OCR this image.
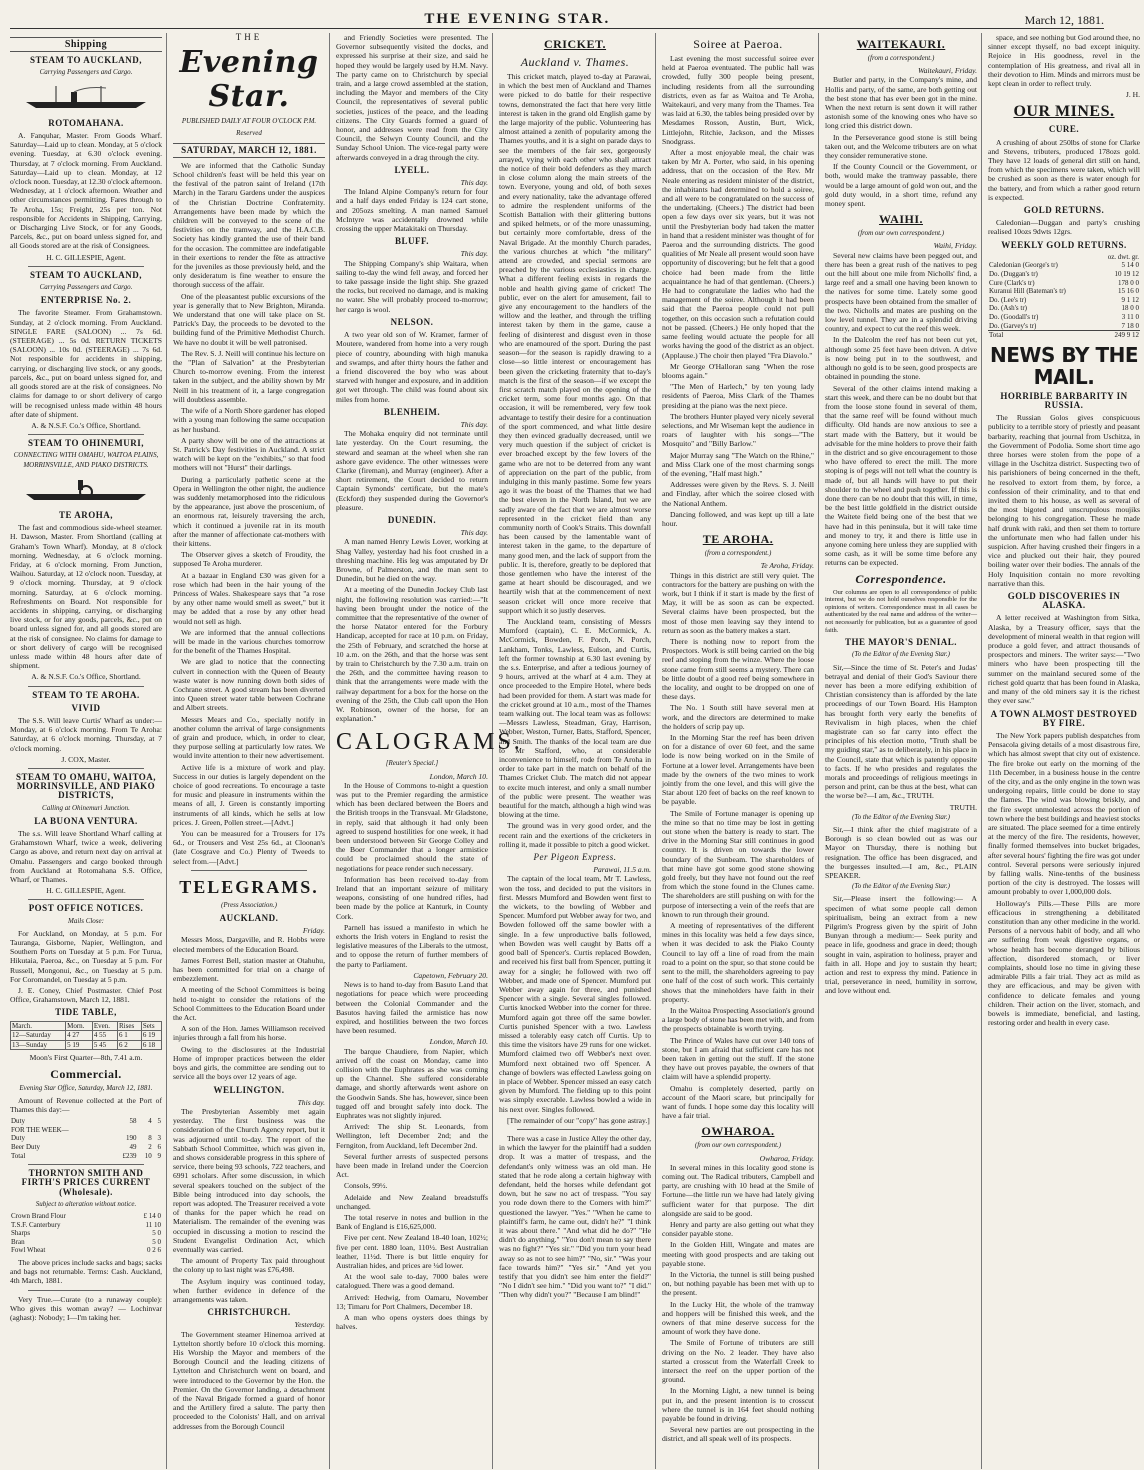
THE EVENING STAR.	March 12, 1881.
Shipping
STEAM TO AUCKLAND,
Carrying Passengers and Cargo.
ROTOMAHANA.

A. Fanquhar, Master. From Goods Wharf. Saturday—Laid up to clean. Monday, at 5 o'clock evening. Tuesday, at 6.30 o'clock evening. Thursday, at 7 o'clock morning. From Auckland. Saturday—Laid up to clean. Monday, at 12 o'clock noon. Tuesday, at 12.30 o'clock afternoon. Wednesday, at 1 o'clock afternoon. Weather and other circumstances permitting. Fares through to Te Aroha, 15s; Freight, 25s per ton. Not responsible for Accidents in Shipping, Carrying, or Discharging Live Stock, or for any Goods, Parcels, &c., put on board unless signed for, and all Goods stored are at the risk of Consignees.

H. C. GILLESPIE, Agent.
STEAM TO AUCKLAND,
Carrying Passengers and Cargo.
ENTERPRISE No. 2.

The favorite Steamer. From Grahamstown. Sunday, at 2 o'clock morning. From Auckland. SINGLE FARE (SALOON) ... 7s 6d. (STEERAGE) ... 5s 0d. RETURN TICKETS (SALOON) ... 10s 0d. (STEERAGE) ... 7s 6d. Not responsible for accidents in shipping, carrying, or discharging live stock, or any goods, parcels, &c., put on board unless signed for, and all goods stored are at the risk of consignees. No claims for damage to or short delivery of cargo will be recognised unless made within 48 hours after date of shipment.

A. & N.S.F. Co.'s Office, Shortland.
STEAM TO OHINEMURI,
CONNECTING WITH OMAHU, WAITOA PLAINS, MORRINSVILLE, AND PIAKO DISTRICTS.
TE AROHA,

The fast and commodious side-wheel steamer. H. Dawson, Master. From Shortland (calling at Graham's Town Wharf). Monday, at 8 o'clock morning. Wednesday, at 6 o'clock morning. Friday, at 6 o'clock morning. From Junction, Waihou. Saturday, at 12 o'clock noon. Tuesday, at 9 o'clock morning. Thursday, at 9 o'clock morning. Saturday, at 6 o'clock morning. Refreshments on Board. Not responsible for accidents in shipping, carrying, or discharging live stock, or for any goods, parcels, &c., put on board unless signed for, and all goods stored are at the risk of consignee. No claims for damage to or short delivery of cargo will be recognised unless made within 48 hours after date of shipment.

A. & N.S.F. Co.'s Office, Shortland.
STEAM TO TE AROHA.
VIVID

The S.S. Will leave Curtis' Wharf as under:— Monday, at 6 o'clock morning. From Te Aroha: Saturday, at 6 o'clock morning. Thursday, at 7 o'clock morning.

J. COX, Master.
STEAM TO OMAHU, WAITOA, MORRINSVILLE, AND PIAKO DISTRICTS,
Calling at Ohinemuri Junction.
LA BUONA VENTURA.

The s.s. Will leave Shortland Wharf calling at Grahamstown Wharf, twice a week, delivering Cargo as above, and return next day on arrival at Omahu. Passengers and cargo booked through from Auckland at Rotomahana S.S. Office, Wharf, or Thames.

H. C. GILLESPIE, Agent.
POST OFFICE NOTICES.
Mails Close:

For Auckland, on Monday, at 5 p.m. For Tauranga, Gisborne, Napier, Wellington, and Southern Ports on Tuesday at 5 p.m. For Turua, Hikutaia, Paeroa, &c., on Tuesday at 5 p.m. For Russell, Mongonui, &c., on Tuesday at 5 p.m. For Coromandel, on Tuesday at 5 p.m.

J. E. Coney, Chief Postmaster. Chief Post Office, Grahamstown, March 12, 1881.

TIDE TABLE,
March.	Morn.	Even.	Rises	Sets
12—Saturday	4 27	4 55	6 1	6 19
13—Sunday	5 19	5 45	6 2	6 18
Moon's First Quarter—8th, 7.41 a.m.
Commercial.
Evening Star Office, Saturday, March 12, 1881.

Amount of Revenue collected at the Port of Thames this day:—

Duty	58	4	5
FOR THE WEEK—			
Duty	190	8	3
Beer Duty	49	2	6
Total	£239	10	9
THORNTON SMITH AND FIRTH'S PRICES CURRENT (Wholesale).
Subject to alteration without notice.
Crown Brand Flour	£ 14 0
T.S.F. Canterbury	11 10
Sharps	5 0
Bran	5 0
Fowl Wheat	0 2 6

The above prices include sacks and bags; sacks and bags not returnable. Terms: Cash. Auckland, 4th March, 1881.

Very True.—Curate (to a runaway couple): Who gives this woman away? — Lochinvar (aghast): Nobody; I—I'm taking her.

THE
Evening Star.
PUBLISHED DAILY AT FOUR O'CLOCK P.M.
Reserved
SATURDAY, MARCH 12, 1881.

We are informed that the Catholic Sunday School children's feast will be held this year on the festival of the patron saint of Ireland (17th March) in the Tararu Gardens under the auspices of the Christian Doctrine Confraternity. Arrangements have been made by which the children will be conveyed to the scene of the festivities on the tramway, and the H.A.C.B. Society has kindly granted the use of their band for the occasion. The committee are indefatigable in their exertions to render the fête as attractive for the juveniles as those previously held, and the only desideratum is fine weather to ensure the thorough success of the affair.

One of the pleasantest public excursions of the year is generally that to New Brighton, Miranda. We understand that one will take place on St. Patrick's Day, the proceeds to be devoted to the building fund of the Primitive Methodist Church. We have no doubt it will be well patronised.

The Rev. S. J. Neill will continue his lecture on the "Plan of Salvation" at the Presbyterian Church to-morrow evening. From the interest taken in the subject, and the ability shown by Mr Neill in his treatment of it, a large congregation will doubtless assemble.

The wife of a North Shore gardener has eloped with a young man following the same occupation as her husband.

A party show will be one of the attractions at St. Patrick's Day festivities in Auckland. A strict watch will be kept on the "exhibits," so that food mothers will not "Hurst" their darlings.

During a particularly pathetic scene at the Opera in Wellington the other night, the audience was suddenly metamorphosed into the ridiculous by the appearance, just above the proscenium, of an enormous rat, leisurely traversing the arch, which it continued a juvenile rat in its mouth after the manner of affectionate cat-mothers with their kittens.

The Observer gives a sketch of Froudity, the supposed Te Aroha murderer.

At a bazaar in England £30 was given for a rose which had been in the hair young of the Princess of Wales. Shakespeare says that "a rose by any other name would smell as sweet," but it may be added that a rose by any other head would not sell as high.

We are informed that the annual collections will be made in the various churches tomorrow for the benefit of the Thames Hospital.

We are glad to notice that the connecting culvert in connection with the Queen of Beauty waste water is now running down both sides of Cochrane street. A good stream has been diverted into Queen street water table between Cochrane and Albert streets.

Messrs Mears and Co., specially notify in another column the arrival of large consignments of grain and produce, which, in order to clear, they purpose selling at particularly low rates. We would invite attention to their new advertisement.

Active life is a mixture of work and play. Success in our duties is largely dependent on the choice of good recreations. To encourage a taste for music and pleasure in instruments within the means of all, J. Green is constantly importing instruments of all kinds, which he sells at low prices. J. Green, Pollen street.—[Advt.]

You can be measured for a Trousers for 17s 6d., or Trousers and Vest 25s 6d., at Cloonan's (late Cosgrave and Co.) Plenty of Tweeds to select from.—[Advt.]

TELEGRAMS.
(Press Association.)
AUCKLAND.
Friday.

Messrs Moss, Dargaville, and R. Hobbs were elected members of the Education Board.

James Forrest Bell, station master at Otahuhu, has been committed for trial on a charge of embezzlement.

A meeting of the School Committees is being held to-night to consider the relations of the School Committees to the Education Board under the Act.

A son of the Hon. James Williamson received injuries through a fall from his horse.

Owing to the disclosures at the Industrial Home of improper practices between the elder boys and girls, the committee are sending out to service all the boys over 12 years of age.

WELLINGTON.
This day.

The Presbyterian Assembly met again yesterday. The first business was the consideration of the Church Agency report, but it was adjourned until to-day. The report of the Sabbath School Committee, which was given in, and shows considerable progress in this sphere of service, there being 93 schools, 722 teachers, and 6991 scholars. After some discussion, in which several speakers touched on the subject of the Bible being introduced into day schools, the report was adopted. The Treasurer received a vote of thanks for the paper which he read on Materialism. The remainder of the evening was occupied in discussing a motion to rescind the Student Evangelist Ordination Act, which eventually was carried.

The amount of Property Tax paid throughout the colony up to last night was £76,498.

The Asylum inquiry was continued today, when further evidence in defence of the arrangements was taken.

CHRISTCHURCH.
Yesterday.

The Government steamer Hinemoa arrived at Lyttelton shortly before 10 o'clock this morning. His Worship the Mayor and members of the Borough Council and the leading citizens of Lyttelton and Christchurch went on board, and were introduced to the Governor by the Hon. the Premier. On the Governor landing, a detachment of the Naval Brigade formed a guard of honor and the Artillery fired a salute. The party then proceeded to the Colonists' Hall, and on arrival addresses from the Borough Council

and Friendly Societies were presented. The Governor subsequently visited the docks, and expressed his surprise at their size, and said he hoped they would be largely used by H.M. Navy. The party came on to Christchurch by special train, and a large crowd assembled at the station, including the Mayor and members of the City Council, the representatives of several public societies, justices of the peace, and the leading citizens. The City Guards formed a guard of honor, and addresses were read from the City Council, the Selwyn County Council, and the Sunday School Union. The vice-regal party were afterwards conveyed in a drag through the city.

LYELL.
This day.

The Inland Alpine Company's return for four and a half days ended Friday is 124 cart stone, and 205ozs smelting. A man named Samuel McIntyre was accidentally drowned while crossing the upper Matakitaki on Thursday.

BLUFF.
This day.

The Shipping Company's ship Waitara, when sailing to-day the wind fell away, and forced her to take passage inside the light ship. She grazed the rocks, but received no damage, and is making no water. She will probably proceed to-morrow; her cargo is wool.

NELSON.

A two year old son of W. Kramer, farmer of Moutere, wandered from home into a very rough piece of country, abounding with high manuka and swamps, and after thirty hours the father and a friend discovered the boy who was about starved with hunger and exposure, and in addition got wet through. The child was found about six miles from home.

BLENHEIM.
This day.

The Mohaka enquiry did not terminate until late yesterday. On the Court resuming, the steward and seaman at the wheel when she ran ashore gave evidence. The other witnesses were Clarke (fireman), and Murray (engineer). After a short retirement, the Court decided to return Captain Symonds' certificate, but the mate's (Eckford) they suspended during the Governor's pleasure.

DUNEDIN.
This day.

A man named Henry Lewis Lover, working at Shag Valley, yesterday had his foot crushed in a threshing machine. His leg was amputated by Dr Browne, of Palmerston, and the man sent to Dunedin, but he died on the way.

At a meeting of the Dunedin Jockey Club last night, the following resolution was carried:—"It having been brought under the notice of the committee that the representative of the owner of the horse Natator entered for the Forbury Handicap, accepted for race at 10 p.m. on Friday, the 25th of February, and scratched the horse at 10 a.m. on the 26th, and that the horse was sent by train to Christchurch by the 7.30 a.m. train on the 26th, and the committee having reason to think that the arrangements were made with the railway department for a box for the horse on the evening of the 25th, the Club call upon the Hon W. Robinson, owner of the horse, for an explanation."

CALOGRAMS.
[Reuter's Special.]
London, March 10.

In the House of Commons to-night a question was put to the Premier regarding the armistice which has been declared between the Boers and the British troops in the Transvaal. Mr Gladstone, in reply, said that although it had only been agreed to suspend hostilities for one week, it had been understood between Sir George Colley and the Boer Commander that a longer armistice could be proclaimed should the state of negotiations for peace render such necessary.

Information has been received to-day from Ireland that an important seizure of military weapons, consisting of one hundred rifles, had been made by the police at Kanturk, in County Cork.

Parnell has issued a manifesto in which he exhorts the Irish voters in England to resist the legislative measures of the Liberals to the utmost, and to oppose the return of further members of the party to Parliament.

Capetown, February 20.

News is to hand to-day from Basuto Land that negotiations for peace which were proceeding between the Colonial Commander and the Basutos having failed the armistice has now expired, and hostilities between the two forces have been resumed.

London, March 10.

The barque Chaudiere, from Napier, which arrived off the coast on Monday, came into collision with the Euphrates as she was coming up the Channel. She suffered considerable damage, and shortly afterwards went ashore on the Goodwin Sands. She has, however, since been tugged off and brought safely into dock. The Euphrates was not slightly injured.

Arrived: The ship St. Leonards, from Wellington, left December 2nd; and the Ferngiton, from Auckland, left December 2nd.

Several further arrests of suspected persons have been made in Ireland under the Coercion Act.

Consols, 99½.

Adelaide and New Zealand breadstuffs unchanged.

The total reserve in notes and bullion in the Bank of England is £16,625,000.

Five per cent. New Zealand 18-40 loan, 102½; five per cent. 1880 loan, 110½. Best Australian leather, 11½d. There is but little enquiry for Australian hides, and prices are ¼d lower.

At the wool sale to-day, 7000 bales were catalogued. There was a good demand.

Arrived: Hedwig, from Oamaru, November 13; Timaru for Port Chalmers, December 18.

A man who opens oysters does things by halves.

CRICKET.
Auckland v. Thames.

This cricket match, played to-day at Parawai, in which the best men of Auckland and Thames were picked to do battle for their respective towns, demonstrated the fact that here very little interest is taken in the grand old English game by the large majority of the public. Volunteering has almost attained a zenith of popularity among the Thames youths, and it is a sight on parade days to see the members of the fair sex, gorgeously arrayed, vying with each other who shall attract the notice of their bold defenders as they march in close column along the main streets of the town. Everyone, young and old, of both sexes and every nationality, take the advantage offered to admire the resplendent uniforms of the Scottish Battalion with their glittering buttons and spiked helmets, or of the more unassuming, but certainly more comfortable, dress of the Naval Brigade. At the monthly Church parades, the various churches at which "the military" attend are crowded, and special sermons are preached by the various ecclesiastics in charge. What a different feeling exists in regards the noble and health giving game of cricket! The public, ever on the alert for amusement, fail to give any encouragement to the handlers of the willow and the leather, and through the trifling interest taken by them in the game, cause a feeling of disinterest and disgust even in those who are enamoured of the sport. During the past season—for the season is rapidly drawing to a close—so little interest or encouragement has been given the cricketing fraternity that to-day's match is the first of the season—if we except the first scratch match played on the opening of the cricket term, some four months ago. On that occasion, it will be remembered, very few took advantage to testify their desire for a continuation of the sport commenced, and what little desire they then evinced gradually decreased, until we very much question if the subject of cricket is ever broached except by the few lovers of the game who are not to be deterred from any want of appreciation on the part of the public, from indulging in this manly pastime. Some few years ago it was the boast of the Thames that we had the best eleven in the North Island, but we are sadly aware of the fact that we are almost worse represented in the cricket field than any community north of Cook's Straits. This downfall has been caused by the lamentable want of interest taken in the game, to the departure of many good men, and the lack of support from the public. It is, therefore, greatly to be deplored that those gentlemen who have the interest of the game at heart should be discouraged, and we heartily wish that at the commencement of next season cricket will once more receive that support which it so justly deserves.

The Auckland team, consisting of Messrs Mumford (captain), C. E. McCormick, A. McCormick, Bowden, F. Porch, N. Porch, Lankham, Tonks, Lawless, Eulson, and Curtis, left the former township at 6.30 last evening by the s.s. Enterprise, and after a tedious journey of 9 hours, arrived at the wharf at 4 a.m. They at once proceeded to the Empire Hotel, where beds had been provided for them. A start was made for the cricket ground at 10 a.m., most of the Thames team walking out. The local team was as follows:—Messrs Lawless, Steadman, Gray, Harrison, Webber, Weston, Turner, Batts, Stafford, Spencer, and Smith. The thanks of the local team are due to Mr Stafford, who, at considerable inconvenience to himself, rode from Te Aroha in order to take part in the match on behalf of the Thames Cricket Club. The match did not appear to excite much interest, and only a small number of the public were present. The weather was beautiful for the match, although a high wind was blowing at the time.

The ground was in very good order, and the recent rain and the exertions of the cricketers in rolling it, made it possible to pitch a good wicket.

Per Pigeon Express.
Parawai, 11.5 a.m.

The captain of the local team, Mr T. Lawless, won the toss, and decided to put the visitors in first. Messrs Mumford and Bowden went first to the wickets, to the bowling of Webber and Spencer. Mumford put Webber away for two, and Bowden followed off the same bowler with a single. In a few unproductive balls followed, when Bowden was well caught by Batts off a good ball of Spencer's. Curtis replaced Bowden, and received his first ball from Spencer, putting it away for a single; he followed with two off Webber, and made one of Spencer. Mumford put Webber away again for three, and punished Spencer with a single. Several singles followed. Curtis knocked Webber into the corner for three. Mumford again got three off the same bowler. Curtis punished Spencer with a two. Lawless missed a tolerably easy catch off Curtis. Up to this time the visitors have 29 runs for one wicket. Mumford claimed two off Webber's next over. Mumford next obtained two off Spencer. A change of bowlers was effected Lawless going on in place of Webber. Spencer missed an easy catch given by Mumford. The fielding up to this point was simply execrable. Lawless bowled a wide in his next over. Singles followed.

[The remainder of our "copy" has gone astray.]

There was a case in Justice Alley the other day, in which the lawyer for the plaintiff had a sudden drop. It was a matter of trespass, and the defendant's only witness was an old man. He stated that he rode along a certain highway with defendant, held the horses while defendant got down, but he saw no act of trespass. "You say you rode down there to the Comers with him?" questioned the lawyer. "Yes." "When he came to plaintiff's farm, he came out, didn't he?" "I think it was about there." "And what did he do?" "He didn't do anything." "You don't mean to say there was no fight?" "Yes sir." "Did you turn your head away so as not to see him?" "No, sir." "Was your face towards him?" "Yes sir." "And yet you testify that you didn't see him enter the field?" "No I didn't see him." "Did you want to?" "I did." "Then why didn't you?" "Because I am blind!"

Soiree at Paeroa.

Last evening the most successful soiree ever held at Paeroa eventuated. The public hall was crowded, fully 300 people being present, including residents from all the surrounding districts, even as far as Waitoa and Te Aroha, Waitekauri, and very many from the Thames. Tea was laid at 6.30, the tables being presided over by Mesdames Rosson, Austin, Burt, Wick, Littlejohn, Ritchie, Jackson, and the Misses Snodgrass.

After a most enjoyable meal, the chair was taken by Mr A. Porter, who said, in his opening address, that on the occasion of the Rev. Mr Neale entering as resident minister of the district, the inhabitants had determined to hold a soiree, and all were to be congratulated on the success of the undertaking. (Cheers.) The district had been open a few days over six years, but it was not until the Presbyterian body had taken the matter in hand that a resident minister was thought of for Paeroa and the surrounding districts. The good qualities of Mr Neale all present would soon have opportunity of discovering; but he felt that a good choice had been made from the little acquaintance he had of that gentleman. (Cheers.) He had to congratulate the ladies who had the management of the soiree. Although it had been said that the Paeroa people could not pull together, on this occasion such a refutation could not be passed. (Cheers.) He only hoped that the same feeling would actuate the people for all works having the good of the district as an object. (Applause.) The choir then played "Fra Diavolo."

Mr George O'Halloran sang "When the rose blooms again."

"The Men of Harlech," by ten young lady residents of Paeroa, Miss Clark of the Thames presiding at the piano was the next piece.

The brothers Hunter played very nicely several selections, and Mr Wiseman kept the audience in roars of laughter with his songs—"The Mosquito" and "Billy Barlow."

Major Murray sang "The Watch on the Rhine," and Miss Clark one of the most charming songs of the evening, "Half mast high."

Addresses were given by the Revs. S. J. Neill and Findlay, after which the soiree closed with the National Anthem.

Dancing followed, and was kept up till a late hour.

TE AROHA.
(from a correspondent.)
Te Aroha, Friday.

Things in this district are still very quiet. The contractors for the battery are pushing on with the work, but I think if it start is made by the first of May, it will be as soon as can be expected. Several claims have been prospected, but the most of those men leaving say they intend to return as soon as the battery makes a start.

There is nothing now to report from the Prospectors. Work is still being carried on the big reef and stoping from the winze. Where the loose stone came from still seems a mystery. There can be little doubt of a good reef being somewhere in the locality, and ought to be dropped on one of these days.

The No. 1 South still have several men at work, and the directors are determined to make the holders of scrip pay up.

In the Morning Star the reef has been driven on for a distance of over 60 feet, and the same lode is now being worked on in the Smile of Fortune at a lower level. Arrangements have been made by the owners of the two mines to work jointly from the one level, and this will give the Star about 120 feet of backs on the reef known to be payable.

The Smile of Fortune manager is opening up the mine so that no time may be lost in getting out stone when the battery is ready to start. The drive in the Morning Star still continues in good country. It is driven on towards the lower boundary of the Sunbeam. The shareholders of that mine have got some good stone showing gold freely, but they have not found out the reef from which the stone found in the Clunes came. The shareholders are still pushing on with for the purpose of intersecting a vein of the reefs that are known to run through their ground.

A meeting of representatives of the different mines in this locality was held a few days since, when it was decided to ask the Piako County Council to lay off a line of road from the main road to a point on the spur, so that stone could be sent to the mill, the shareholders agreeing to pay one half of the cost of such work. This certainly shows that the mineholders have faith in their property.

In the Waitoa Prospecting Association's ground a large body of stone has been met with, and from the prospects obtainable is worth trying.

The Prince of Wales have cut over 140 tons of stone, but I am afraid that sufficient care has not been taken in getting out the stuff. If the stone they have out proves payable, the owners of that claim will have a splendid property.

Omahu is completely deserted, partly on account of the Maori scare, but principally for want of funds. I hope some day this locality will have a fair trial.

OWHAROA.
(from our own correspondent.)
Owharoa, Friday.

In several mines in this locality good stone is coming out. The Radical tributers, Campbell and party, are crushing with 10 head at the Smile of Fortune—the little run we have had lately giving sufficient water for that purpose. The dirt alongside are said to be good.

Henry and party are also getting out what they consider payable stone.

In the Golden Hill, Wingate and mates are meeting with good prospects and are taking out payable stone.

In the Victoria, the tunnel is still being pushed on, but nothing payable has been met with up to the present.

In the Lucky Hit, the whole of the tramway and hoppers will be finished this week, and the owners of that mine deserve success for the amount of work they have done.

The Smile of Fortune of tributers are still driving on the No. 2 leader. They have also started a crosscut from the Waterfall Creek to intersect the reef on the upper portion of the ground.

In the Morning Light, a new tunnel is being put in, and the present intention is to crosscut where the tunnel is in 164 feet should nothing payable be found in driving.

Several new parties are out prospecting in the district, and all speak well of its prospects.

WAITEKAURI.
(from a correspondent.)
Waitekauri, Friday.

Butler and party, in the Company's mine, and Hollis and party, of the same, are both getting out the best stone that has ever been got in the mine. When the next return is sent down it will rather astonish some of the knowing ones who have so long cried this district down.

In the Perseverance good stone is still being taken out, and the Welcome tributers are on what they consider remunerative stone.

If the County Council or the Government, or both, would make the tramway passable, there would be a large amount of gold won out, and the gold duty would, in a short time, refund any money spent.

WAIHI.
(from our own correspondent.)
Waihi, Friday.

Several new claims have been pegged out, and there has been a great rush of the natives to peg out the hill about one mile from Nicholls' find, a large reef and a small one having been known to the natives for some time. Lately some good prospects have been obtained from the smaller of the two. Nicholls and mates are pushing on the low level tunnel. They are in a splendid driving country, and expect to cut the reef this week.

In the Dalcolm the reef has not been cut yet, although some 25 feet have been driven. A drive is now being put in to the southwest, and although no gold is to be seen, good prospects are obtained in pounding the stone.

Several of the other claims intend making a start this week, and there can be no doubt but that from the loose stone found in several of them, that the same reef will be found without much difficulty. Old hands are now anxious to see a start made with the Battery, but it would be advisable for the mine holders to prove their faith in the district and so give encouragement to those who have offered to erect the mill. The more stoping is of pegs will not tell what the country is made of, but all hands will have to put their shoulder to the wheel and push together. If this is done there can be no doubt that this will, in time, be the best little goldfield in the district outside the Waitete field being one of the best that we have had in this peninsula, but it will take time and money to try, it and there is little use in anyone coming here unless they are supplied with some cash, as it will be some time before any returns can be expected.

Correspondence.

Our columns are open to all correspondence of public interest, but we do not hold ourselves responsible for the opinions of writers. Correspondence must in all cases be authenticated by the real name and address of the writer—not necessarily for publication, but as a guarantee of good faith.

THE MAYOR'S DENIAL.
(To the Editor of the Evening Star.)

Sir,—Since the time of St. Peter's and Judas' betrayal and denial of their God's Saviour there never has been a more edifying exhibition of Christian consistency than is afforded by the late proceedings of our Town Board. His Hampton has brought forth very early the benefits of Revivalism in high places, when the chief magistrate can so far carry into effect the principles of his election motto, "Truth shall be my guiding star," as to deliberately, in his place in the Council, state that which is patently opposite to facts. If he who presides and regulates the morals and proceedings of religious meetings in person and print, can be thus at the best, what can the worse be?—I am, &c., TRUTH.

TRUTH.
(To the Editor of the Evening Star.)

Sir,—I think after the chief magistrate of a Borough is so clean bowled out as was our Mayor on Thursday, there is nothing but resignation. The office has been disgraced, and the burgesses insulted.—I am, &c., PLAIN SPEAKER.

(To the Editor of the Evening Star.)

Sir,—Please insert the following:— A specimen of what some people call demon spiritualism, being an extract from a new Pilgrim's Progress given by the spirit of John Bunyan through a medium:— Seek purity and peace in life, goodness and grace in deed; though sought in vain, aspiration to holiness, prayer and faith in all. Hope and joy to sustain thy heart; action and rest to express thy mind. Patience in trial, perseverance in need, humility in sorrow, and love without end.

space, and see nothing but God around thee, no sinner except thyself, no bad except iniquity. Rejoice in His goodness, revel in the contemplation of His greatness, and rival all in their devotion to Him. Minds and mirrors must be kept clean in order to reflect truly.

J. H.
OUR MINES.
CURE.

A crushing of about 250lbs of stone for Clarke and Stevens, tributers, produced 178ozs gold. They have 12 loads of general dirt still on hand, from which the specimens were taken, which will be crushed as soon as there is water enough for the battery, and from which a rather good return is expected.

GOLD RETURNS.

Caledonian—Duggan and party's crushing realised 10ozs 9dwts 12grs.

WEEKLY GOLD RETURNS.
	oz. dwt. gr.
Caledonian (George's tr)	5 14 0
Do. (Duggan's tr)	10 19 12
Cure (Clark's tr)	178 0 0
Kuranui Hill (Bateman's tr)	15 16 0
Do. (Lee's tr)	9 1 12
Do. (Ash's tr)	18 0 0
Do. (Goodall's tr)	3 11 0
Do. (Garvey's tr)	7 18 0
Total	249 9 12
NEWS BY THE MAIL.
HORRIBLE BARBARITY IN RUSSIA.

The Russian Golos gives conspicuous publicity to a terrible story of priestly and peasant barbarity, reaching that journal from Uschitza, in the Government of Podolia. Some short time ago three horses were stolen from the pope of a village in the Uschitza district. Suspecting two of his parishioners of being concerned in the theft, he resolved to extort from them, by force, a confession of their criminality, and to that end invited them to his house, as well as several of the most bigoted and unscrupulous moujiks belonging to his congregation. These he made half drunk with raki, and then set them to torture the unfortunate men who had fallen under his suspicion. After having crushed their fingers in a vice and plucked out their hair, they poured boiling water over their bodies. The annals of the Holy Inquisition contain no more revolting narrative than this.

GOLD DISCOVERIES IN ALASKA.

A letter received at Washington from Sitka, Alaska, by a Treasury officer, says that the development of mineral wealth in that region will produce a gold fever, and attract thousands of prospectors and miners. The writer says:—"Two miners who have been prospecting till the summer on the mainland secured some of the richest gold quartz that has been found in Alaska, and many of the old miners say it is the richest they ever saw."

A TOWN ALMOST DESTROYED BY FIRE.

The New York papers publish despatches from Pensacola giving details of a most disastrous fire, which has almost swept that city out of existence. The fire broke out early on the morning of the 11th December, in a business house in the centre of the city, and as the only engine in the town was undergoing repairs, little could be done to stay the flames. The wind was blowing briskly, and the fire swept unmolested across the portion of town where the best buildings and heaviest stocks are situated. The place seemed for a time entirely at the mercy of the fire. The residents, however, finally formed themselves into bucket brigades, after several hours' fighting the fire was got under control. Several persons were seriously injured by falling walls. Nine-tenths of the business portion of the city is destroyed. The losses will amount probably to over 1,000,000 dols.

Holloway's Pills.—These Pills are more efficacious in strengthening a debilitated constitution than any other medicine in the world. Persons of a nervous habit of body, and all who are suffering from weak digestive organs, or whose health has become deranged by bilious affection, disordered stomach, or liver complaints, should lose no time in giving these admirable Pills a fair trial. They act as mild as they are efficacious, and may be given with confidence to delicate females and young children. Their action on the liver, stomach, and bowels is immediate, beneficial, and lasting, restoring order and health in every case.
